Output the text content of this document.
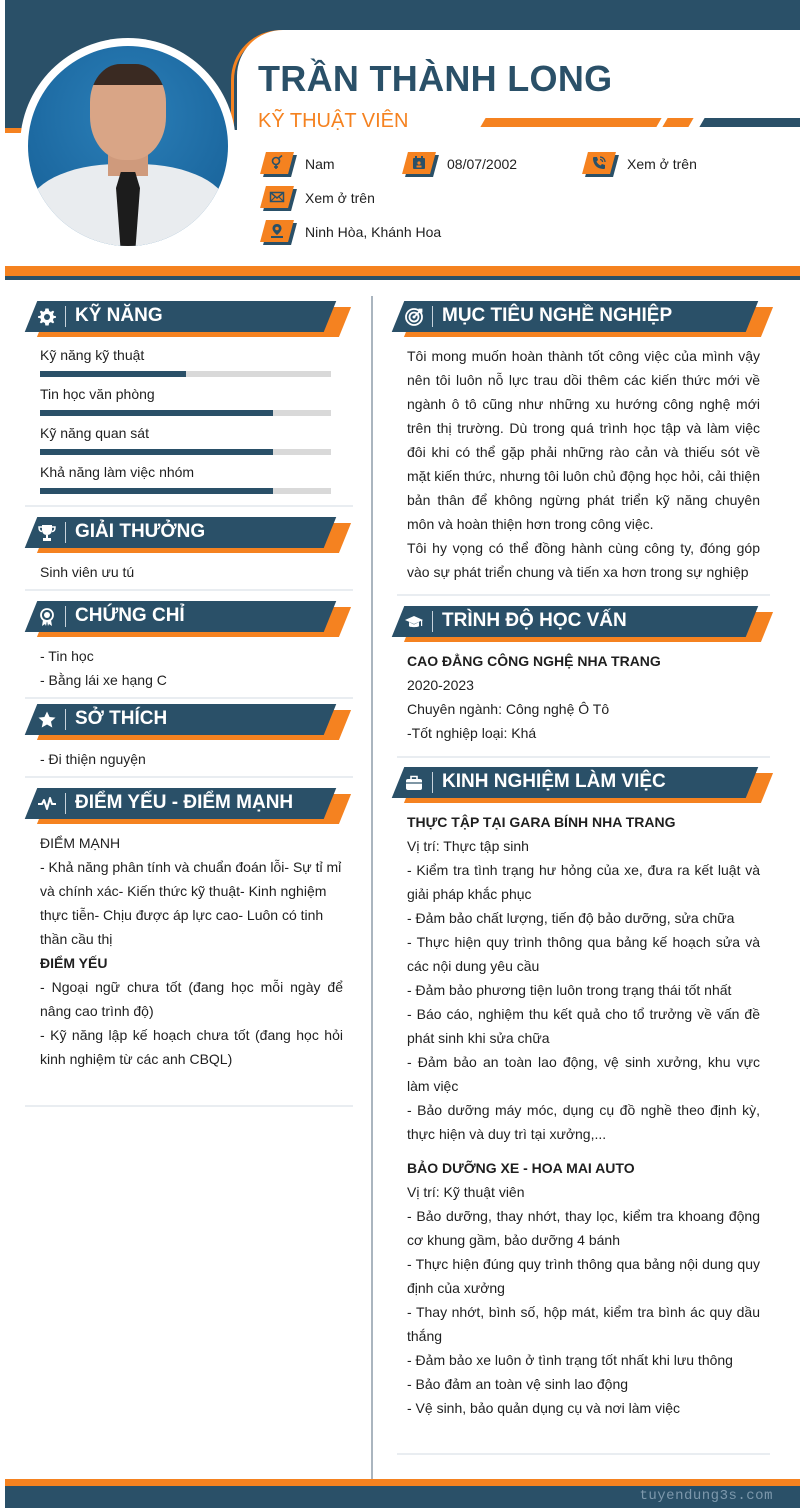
TRẦN THÀNH LONG
KỸ THUẬT VIÊN
Nam	08/07/2002	Xem ở trên
Xem ở trên
Ninh Hòa, Khánh Hoa
KỸ NĂNG
Kỹ năng kỹ thuật
Tin học văn phòng
Kỹ năng quan sát
Khả năng làm việc nhóm
GIẢI THƯỞNG
Sinh viên ưu tú
CHỨNG CHỈ
- Tin học
- Bằng lái xe hạng C
SỞ THÍCH
- Đi thiện nguyện
ĐIỂM YẾU - ĐIỂM MẠNH
ĐIỂM MẠNH
- Khả năng phân tính và chuẩn đoán lỗi- Sự tỉ mỉ và chính xác- Kiến thức kỹ thuật- Kinh nghiệm thực tiễn- Chịu được áp lực cao- Luôn có tinh thần cầu thị
ĐIỂM YẾU
- Ngoại ngữ chưa tốt (đang học mỗi ngày để nâng cao trình độ)
- Kỹ năng lập kế hoạch chưa tốt (đang học hỏi kinh nghiệm từ các anh CBQL)
MỤC TIÊU NGHỀ NGHIỆP
Tôi mong muốn hoàn thành tốt công việc của mình vậy nên tôi luôn nỗ lực trau dồi thêm các kiến thức mới về ngành ô tô cũng như những xu hướng công nghệ mới trên thị trường. Dù trong quá trình học tập và làm việc đôi khi có thể gặp phải những rào cản và thiếu sót về mặt kiến thức, nhưng tôi luôn chủ động học hỏi, cải thiện bản thân để không ngừng phát triển kỹ năng chuyên môn và hoàn thiện hơn trong công việc.
Tôi hy vọng có thể đồng hành cùng công ty, đóng góp vào sự phát triển chung và tiến xa hơn trong sự nghiệp
TRÌNH ĐỘ HỌC VẤN
CAO ĐẲNG CÔNG NGHỆ NHA TRANG
2020-2023
Chuyên ngành: Công nghệ Ô Tô
-Tốt nghiệp loại: Khá
KINH NGHIỆM LÀM VIỆC
THỰC TẬP TẠI GARA BÍNH NHA TRANG
Vị trí: Thực tập sinh
- Kiểm tra tình trạng hư hỏng của xe, đưa ra kết luật và giải pháp khắc phục
- Đảm bảo chất lượng, tiến độ bảo dưỡng, sửa chữa
- Thực hiện quy trình thông qua bảng kế hoạch sửa và các nội dung yêu cầu
- Đảm bảo phương tiện luôn trong trạng thái tốt nhất
- Báo cáo, nghiệm thu kết quả cho tổ trưởng về vấn đề phát sinh khi sửa chữa
- Đảm bảo an toàn lao động, vệ sinh xưởng, khu vực làm việc
- Bảo dưỡng máy móc, dụng cụ đồ nghề theo định kỳ, thực hiện và duy trì tại xưởng,...
BẢO DƯỠNG XE - HOA MAI AUTO
Vị trí: Kỹ thuật viên
- Bảo dưỡng, thay nhớt, thay lọc, kiểm tra khoang động cơ khung gầm, bảo dưỡng 4 bánh
- Thực hiện đúng quy trình thông qua bảng nội dung quy định của xưởng
- Thay nhớt, bình số, hộp mát, kiểm tra bình ác quy dầu thắng
- Đảm bảo xe luôn ở tình trạng tốt nhất khi lưu thông
- Bảo đảm an toàn vệ sinh lao động
- Vệ sinh, bảo quản dụng cụ và nơi làm việc
tuyendung3s.com
